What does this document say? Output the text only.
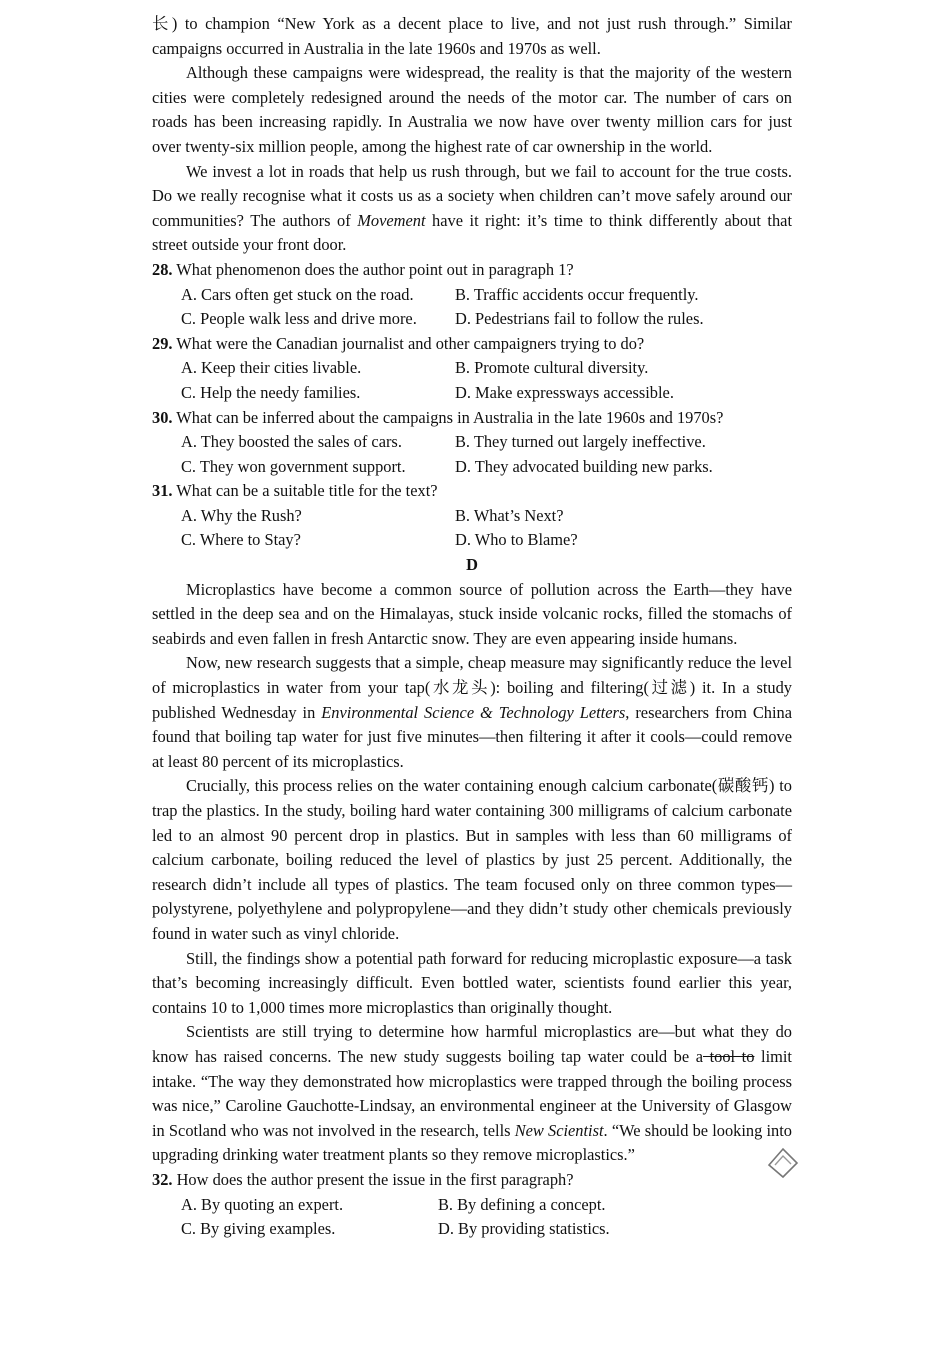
长) to champion “New York as a decent place to live, and not just rush through.” Similar campaigns occurred in Australia in the late 1960s and 1970s as well.

Although these campaigns were widespread, the reality is that the majority of the western cities were completely redesigned around the needs of the motor car. The number of cars on roads has been increasing rapidly. In Australia we now have over twenty million cars for just over twenty-six million people, among the highest rate of car ownership in the world.

We invest a lot in roads that help us rush through, but we fail to account for the true costs. Do we really recognise what it costs us as a society when children can’t move safely around our communities? The authors of Movement have it right: it’s time to think differently about that street outside your front door.

28. What phenomenon does the author point out in paragraph 1?
A. Cars often get stuck on the road.	B. Traffic accidents occur frequently.
C. People walk less and drive more.	D. Pedestrians fail to follow the rules.
29. What were the Canadian journalist and other campaigners trying to do?
A. Keep their cities livable.	B. Promote cultural diversity.
C. Help the needy families.	D. Make expressways accessible.
30. What can be inferred about the campaigns in Australia in the late 1960s and 1970s?
A. They boosted the sales of cars.	B. They turned out largely ineffective.
C. They won government support.	D. They advocated building new parks.
31. What can be a suitable title for the text?
A. Why the Rush?	B. What’s Next?
C. Where to Stay?	D. Who to Blame?

D

Microplastics have become a common source of pollution across the Earth—they have settled in the deep sea and on the Himalayas, stuck inside volcanic rocks, filled the stomachs of seabirds and even fallen in fresh Antarctic snow. They are even appearing inside humans.

Now, new research suggests that a simple, cheap measure may significantly reduce the level of microplastics in water from your tap(水龙头): boiling and filtering(过滤) it. In a study published Wednesday in Environmental Science & Technology Letters, researchers from China found that boiling tap water for just five minutes—then filtering it after it cools—could remove at least 80 percent of its microplastics.

Crucially, this process relies on the water containing enough calcium carbonate(碳酸钙) to trap the plastics. In the study, boiling hard water containing 300 milligrams of calcium carbonate led to an almost 90 percent drop in plastics. But in samples with less than 60 milligrams of calcium carbonate, boiling reduced the level of plastics by just 25 percent. Additionally, the research didn’t include all types of plastics. The team focused only on three common types—polystyrene, polyethylene and polypropylene—and they didn’t study other chemicals previously found in water such as vinyl chloride.

Still, the findings show a potential path forward for reducing microplastic exposure—a task that’s becoming increasingly difficult. Even bottled water, scientists found earlier this year, contains 10 to 1,000 times more microplastics than originally thought.

Scientists are still trying to determine how harmful microplastics are—but what they do know has raised concerns. The new study suggests boiling tap water could be a tool to limit intake. “The way they demonstrated how microplastics were trapped through the boiling process was nice,” Caroline Gauchotte-Lindsay, an environmental engineer at the University of Glasgow in Scotland who was not involved in the research, tells New Scientist. “We should be looking into upgrading drinking water treatment plants so they remove microplastics.”

32. How does the author present the issue in the first paragraph?
A. By quoting an expert.	B. By defining a concept.
C. By giving examples.	D. By providing statistics.
